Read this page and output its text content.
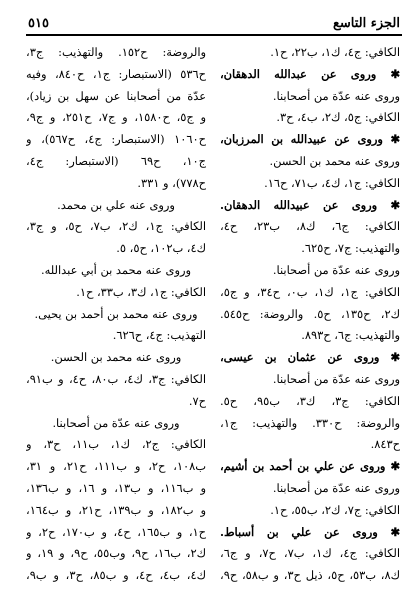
الجزء التاسع
٥١٥
الكافي: ج٤، ك١، ب٢٢، ح١.
✱ وروى عن عبدالله الدهقان،
وروى عنه عدّة من أصحابنا.
الكافي: ج٥، ك٢، ب٤، ح٣.
✱ وروى عن عبيدالله بن المرزبان،
وروى عنه محمد بن الحسن.
الكافي: ج١، ك٤، ب٧١، ح١٦.
✱ وروى عن عبيدالله الدهقان.
الكافي: ج٦، ك٨، ب٢٣، ح٤،
والتهذيب: ج٧، ح٦٢٥.
وروى عنه عدّة من أصحابنا.
الكافي: ج١، ك١، ب٠، ح٣٤، و ج٥،
ك٢، ح١٣٥، ح٥. والروضة: ح٥٤٥.
والتهذيب: ج٦، ح٨٩٣.
✱ وروى عن عثمان بن عيسى،
وروى عنه عدّة من أصحابنا.
الكافي: ج٣، ك٣، ب٩٥، ح٥.
والروضة: ح٣٣٠. والتهذيب: ج١،
ح٨٤٣.
✱ وروى عن علي بن أحمد بن أشيم،
وروى عنه عدّة من أصحابنا.
الكافي: ج٧، ك٢، ب٥٥، ح١.
✱ وروى عن علي بن أسباط.
الكافي: ج٤، ك١، ب٧، ح٧، و ج٦،
ك٨، ب٥٣، ح٥، ذيل ح٣، و ب٥٨، ح٩،
والروضة: ح١٥٢. والتهذيب: ج٣،
ح٥٣٦ (الاستبصار: ج١، ح٨٤٠، وفيه
عدّة من أصحابنا عن سهل بن زياد)،
و ج٥، ح١٥٨٠، و ج٧، ح٢٥١، و ج٩،
ح١٠٦٠ (الاستبصار: ج٤، ح٥٦٧)، و
ج١٠، ح٦٩ (الاستبصار: ج٤،
ح٧٧٨)، و ٣٣١.
وروى عنه علي بن محمد.
الكافي: ج١، ك٢، ب٧، ح٥، و ج٣،
ك٤، ب١٠٢، ح٥، ٥.
وروى عنه محمد بن أبي عبدالله.
الكافي: ج١، ك٣، ب٣٣، ح١.
وروى عنه محمد بن أحمد بن يحيى.
التهذيب: ج٤، ح٦٢٦.
وروى عنه محمد بن الحسن.
الكافي: ج٣، ك٤، ب٨٠، ح٤، و ب٩١،
ح٧.
وروى عنه عدّة من أصحابنا.
الكافي: ج٢، ك١، ب١١، ح٣، و
ب١٠٨، ح٢، و ب١١١، ح٢١، و ٣١،
و ب١١٦، و ب١٣، و ١٦، و ب١٣٦،
و ب١٨٢، و ب١٣٩، ح٢١، و ب١٦٤،
ح١، و ب١٦٥، ح٤، و ب١٧٠، ح٢، و
ك٢، ب١٦، ح٩، وب٥٥، ح٩، و ١٩، و
ك٤، ب٤، ح٤، و ب٨٥، ح٣، و ب٩،
